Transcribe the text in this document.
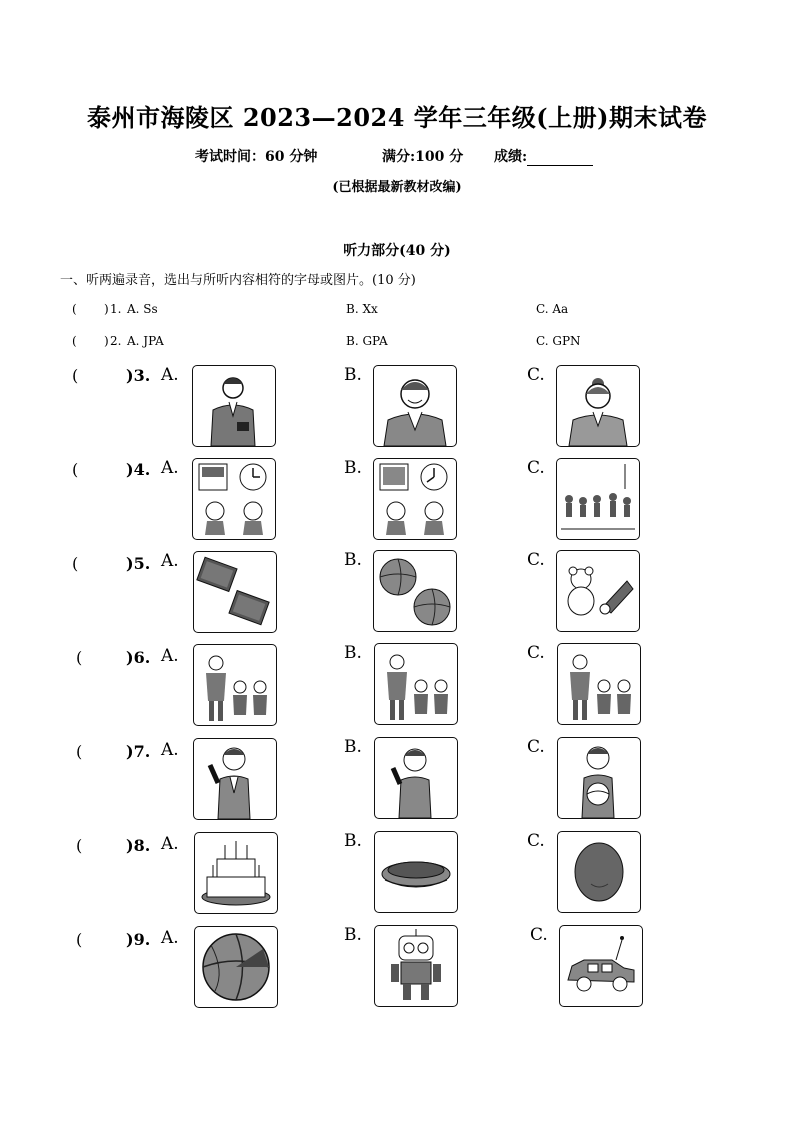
泰州市海陵区 2023—2024 学年三年级(上册)期末试卷
考试时间：60 分钟	满分:100 分 成绩:
(已根据最新教材改编)
听力部分(40 分)
一、听两遍录音，选出与所听内容相符的字母或图片。(10 分)
( ) 1. A. Ss	B. Xx	C. Aa
( ) 2. A. JPA	B. GPA	C. GPN
(	)3. A.	B.	C.
(	)4. A.	B.	C.
(	)5. A.	B.	C.
(	)6. A.	B.	C.
(	)7. A.	B.	C.
(	)8. A.	B.	C.
(	)9. A.	B.	C.
